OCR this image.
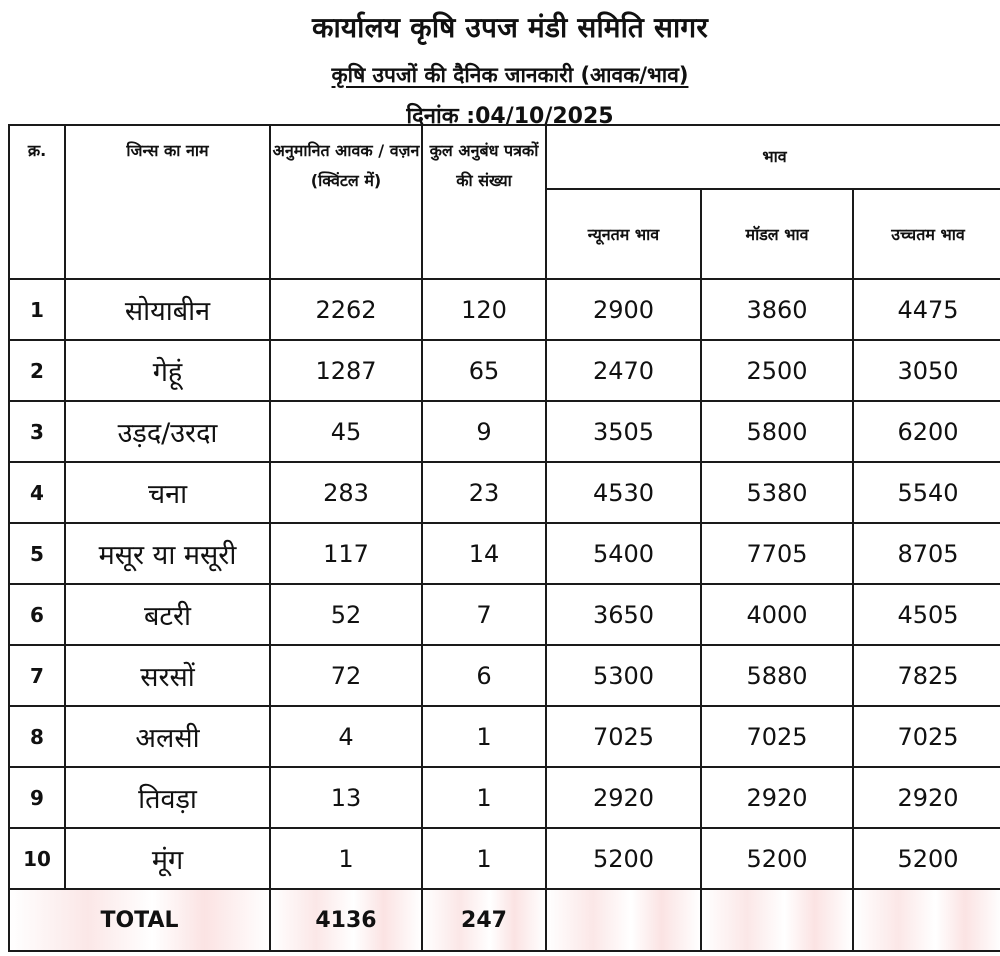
कार्यालय कृषि उपज मंडी समिति सागर
कृषि उपजों की दैनिक जानकारी (आवक/भाव)
दिनांक :04/10/2025
क्र.	जिन्स का नाम	अनुमानित आवक / वज़न (क्विंटल में)	कुल अनुबंध पत्रकों की संख्या	भाव		
				न्यूनतम भाव	मॉडल भाव	उच्चतम भाव
1	सोयाबीन	2262	120	2900	3860	4475
2	गेहूं	1287	65	2470	2500	3050
3	उड़द/उरदा	45	9	3505	5800	6200
4	चना	283	23	4530	5380	5540
5	मसूर या मसूरी	117	14	5400	7705	8705
6	बटरी	52	7	3650	4000	4505
7	सरसों	72	6	5300	5880	7825
8	अलसी	4	1	7025	7025	7025
9	तिवड़ा	13	1	2920	2920	2920
10	मूंग	1	1	5200	5200	5200
TOTAL		4136	247			
